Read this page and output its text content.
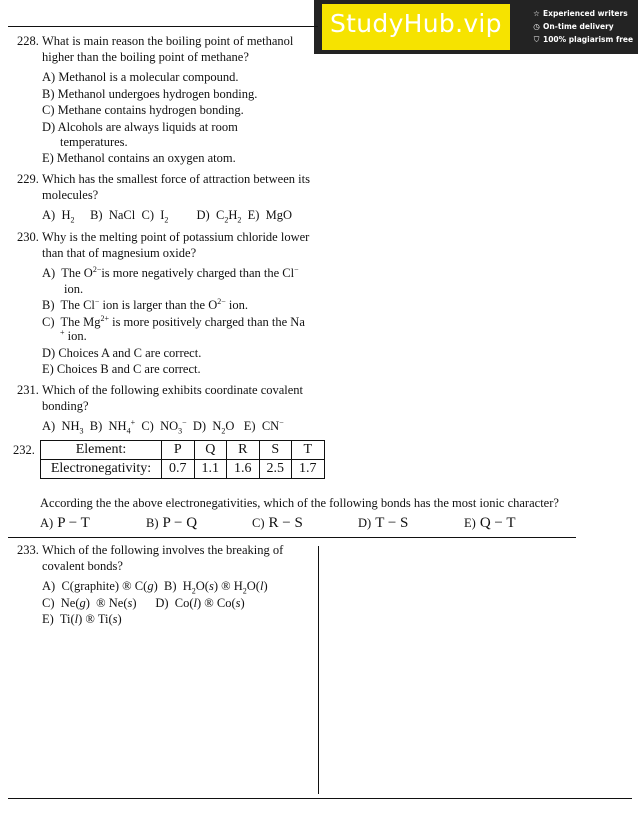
StudyHub.vip	☆ Experienced writers
◷ On-time delivery
⛉ 100% plagiarism free
228. What is main reason the boiling point of methanol higher than the boiling point of methane?
A) Methanol is a molecular compound.
B) Methanol undergoes hydrogen bonding.
C) Methane contains hydrogen bonding.
D) Alcohols are always liquids at room
temperatures.
E) Methanol contains an oxygen atom.
229. Which has the smallest force of attraction between its molecules?
A)  $H_2$     B)  NaCl  C)  $I_2$         D)  $C_2H_2$  E)  MgO
230. Why is the melting point of potassium chloride lower than that of magnesium oxide?
A)  The $O^{2-}is$ more negatively charged than the Cl−
ion.
B)  The Cl− ion is larger than the $O^{2-}$ ion.
C)  The $Mg^{2+}$ is more positively charged than the Na
+ ion.
D) Choices A and C are correct.
E) Choices B and C are correct.
231. Which of the following exhibits coordinate covalent bonding?
A)  $NH_3$  B)  $NH_4^+$  C)  $NO_3^-$  D)  $N_2O$   E)  CN−
232.	Element:	P	Q	R	S	T
Electronegativity:	0.7	1.1	1.6	2.5	1.7
According the the above electronegativities, which of the following bonds has the most ionic character?
A) P − T	B) P − Q	C) R − S	D) T − S	E) Q − T
233. Which of the following involves the breaking of covalent bonds?
A)  C(graphite) ® C(g)  B)  $H_2O(s)$ ® $H_2O(l)$
C)  Ne(g)  ® Ne(s)      D)  Co(l) ® Co(s)
E)  Ti(l) ® Ti(s)
